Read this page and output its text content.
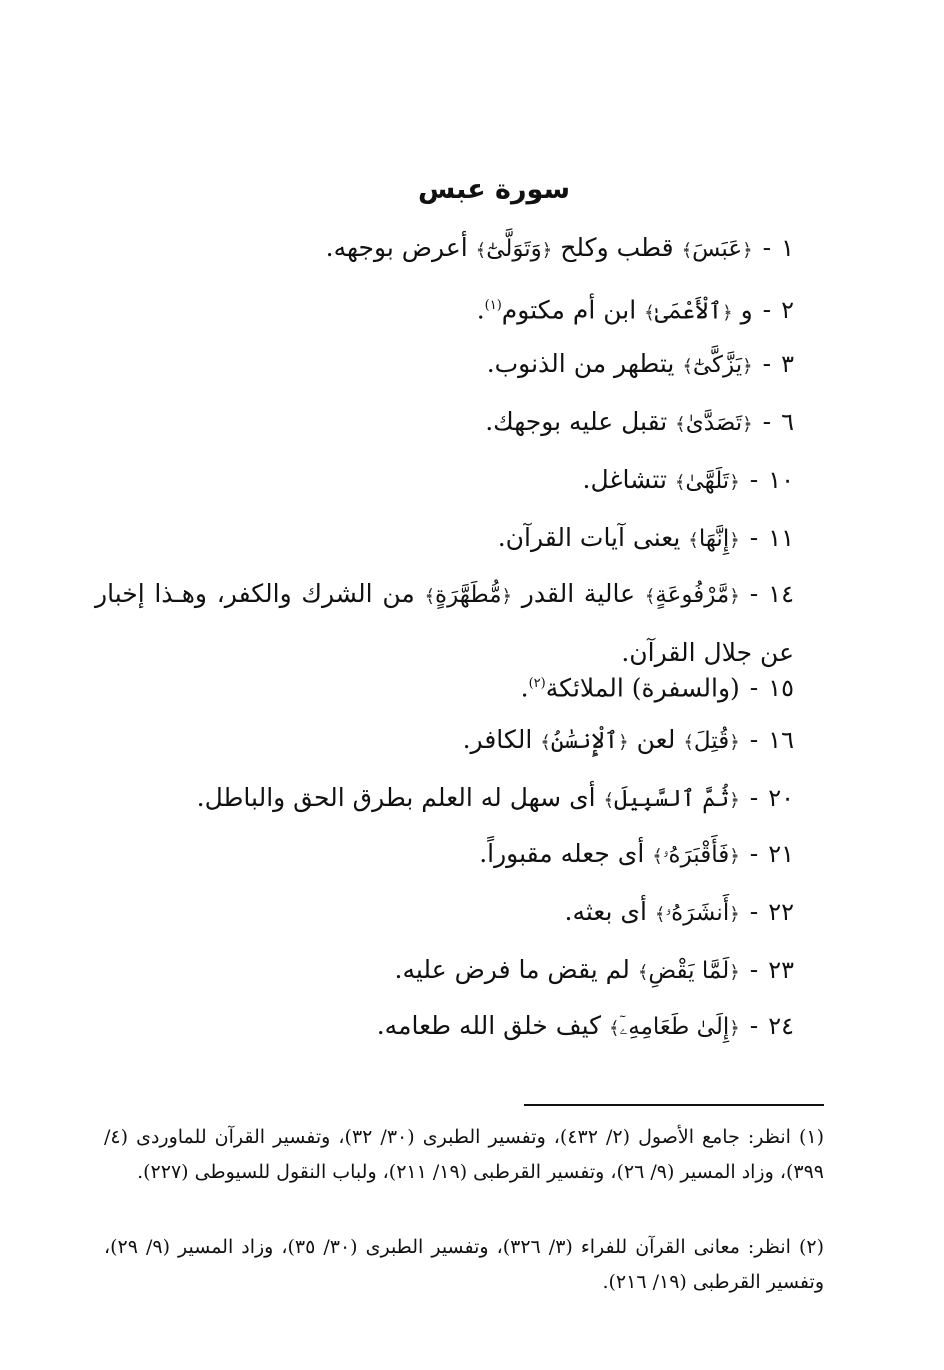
سورة عبس
١-﴿عَبَسَ﴾ قطب وكلح ﴿وَتَوَلَّىٰٓ﴾ أعرض بوجهه.
٢-و ﴿ٱلْأَعْمَىٰ﴾ ابن أم مكتوم$^{(١)}$.
٣-﴿يَزَّكَّىٰٓ﴾ يتطهر من الذنوب.
٦-﴿تَصَدَّىٰ﴾ تقبل عليه بوجهك.
١٠-﴿تَلَهَّىٰ﴾ تتشاغل.
١١-﴿إِنَّهَا﴾ يعنى آيات القرآن.
١٤-﴿مَّرْفُوعَةٍ﴾ عالية القدر ﴿مُّطَهَّرَةٍ﴾ من الشرك والكفر، وهـذا إخبار عن جلال القرآن.
١٥-(والسفرة) الملائكة$^{(٢)}$.
١٦-﴿قُتِلَ﴾ لعن ﴿ٱلْإِنسَٰنُ﴾ الكافر.
٢٠-﴿ثُمَّ ٱلسَّبِيلَ﴾ أى سهل له العلم بطرق الحق والباطل.
٢١-﴿فَأَقْبَرَهُۥ﴾ أى جعله مقبوراً.
٢٢-﴿أَنشَرَهُۥ﴾ أى بعثه.
٢٣-﴿لَمَّا يَقْضِ﴾ لم يقض ما فرض عليه.
٢٤-﴿إِلَىٰ طَعَامِهِۦٓ﴾ كيف خلق الله طعامه.
(١)انظر: جامع الأصول (٢/ ٤٣٢)، وتفسير الطبرى (٣٠/ ٣٢)، وتفسير القرآن للماوردى (٤/ ٣٩٩)، وزاد المسير (٩/ ٢٦)، وتفسير القرطبى (١٩/ ٢١١)، ولباب النقول للسيوطى (٢٢٧).
(٢)انظر: معانى القرآن للفراء (٣/ ٣٢٦)، وتفسير الطبرى (٣٠/ ٣٥)، وزاد المسير (٩/ ٢٩)، وتفسير القرطبى (١٩/ ٢١٦).
